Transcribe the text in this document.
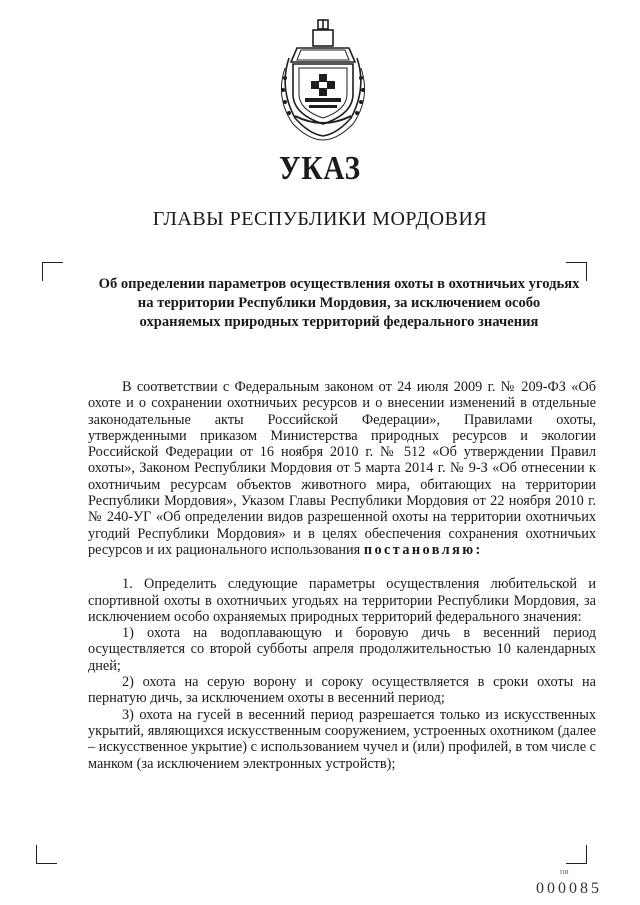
УКАЗ
ГЛАВЫ РЕСПУБЛИКИ МОРДОВИЯ
Об определении параметров осуществления охоты в охотничьих угодьях
на территории Республики Мордовия, за исключением особо
охраняемых природных территорий федерального значения

В соответствии с Федеральным законом от 24 июля 2009 г. № 209-ФЗ «Об охоте и о сохранении охотничьих ресурсов и о внесении изменений в отдельные законодательные акты Российской Федерации», Правилами охоты, утвержденными приказом Министерства природных ресурсов и экологии Российской Федерации от 16 ноября 2010 г. № 512 «Об утверждении Правил охоты», Законом Республики Мордовия от 5 марта 2014 г. № 9-З «Об отнесении к охотничьим ресурсам объектов животного мира, обитающих на территории Республики Мордовия», Указом Главы Республики Мордовия от 22 ноября 2010 г. № 240-УГ «Об определении видов разрешенной охоты на территории охотничьих угодий Республики Мордовия» и в целях обеспечения сохранения охотничьих ресурсов и их рационального использования постановляю:

1. Определить следующие параметры осуществления любительской и спортивной охоты в охотничьих угодьях на территории Республики Мордовия, за исключением особо охраняемых природных территорий федерального значения:

1) охота на водоплавающую и боровую дичь в весенний период осуществляется со второй субботы апреля продолжительностью 10 календарных дней;

2) охота на серую ворону и сороку осуществляется в сроки охоты на пернатую дичь, за исключением охоты в весенний период;

3) охота на гусей в весенний период разрешается только из искусственных укрытий, являющихся искусственным сооружением, устроенных охотником (далее – искусственное укрытие) с использованием чучел и (или) профилей, в том числе с манком (за исключением электронных устройств);

ПИ
000085
